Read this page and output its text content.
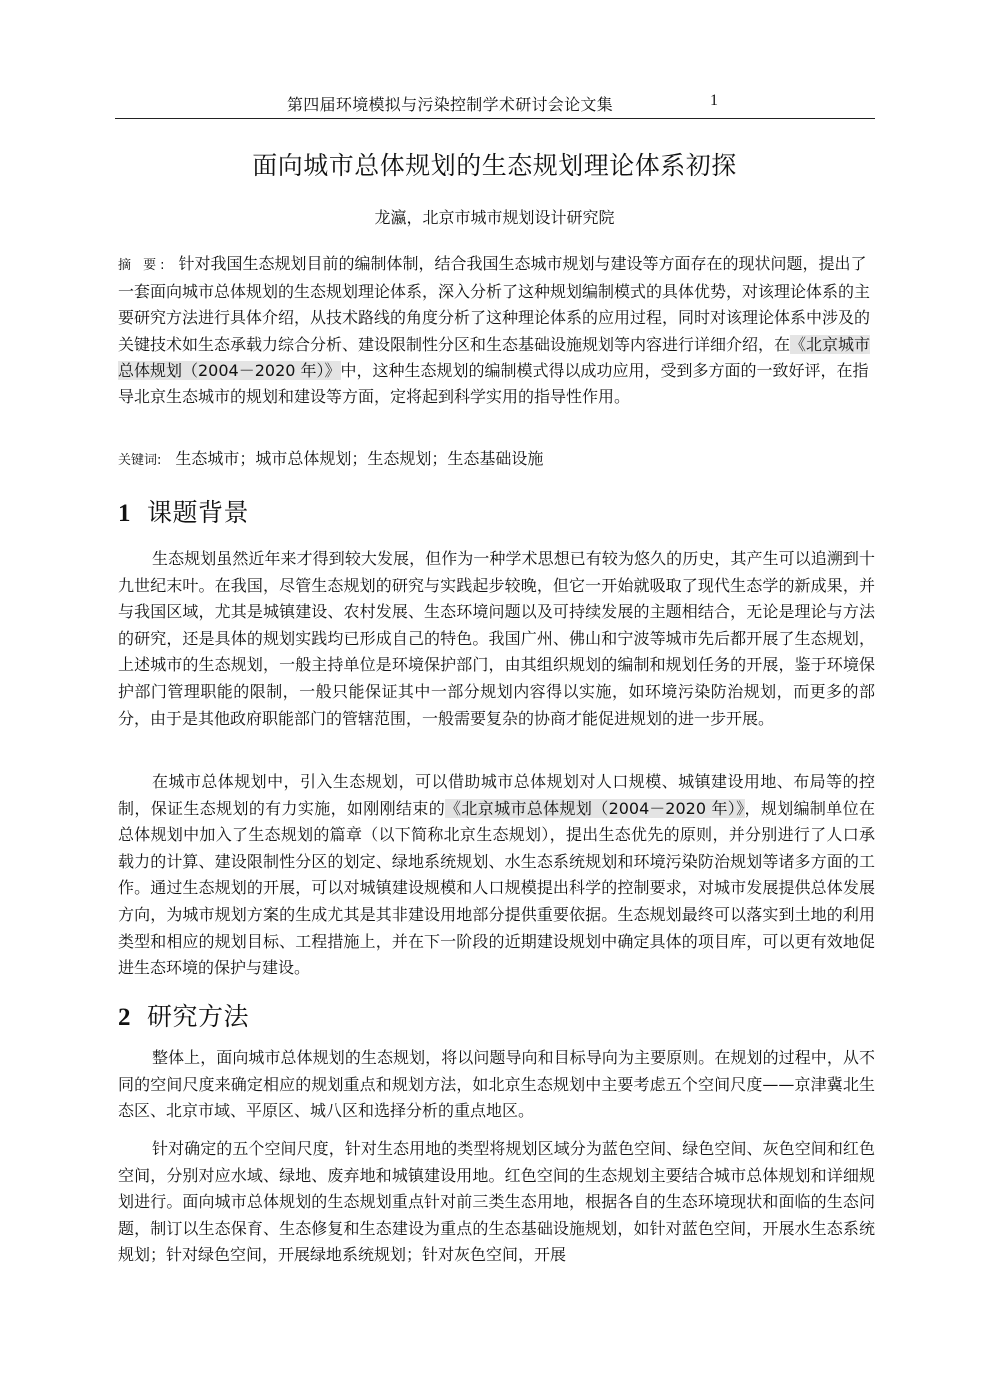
第四届环境模拟与污染控制学术研讨会论文集	1
面向城市总体规划的生态规划理论体系初探
龙瀛，北京市城市规划设计研究院
摘 要: 针对我国生态规划目前的编制体制，结合我国生态城市规划与建设等方面存在的现状问题，提出了一套面向城市总体规划的生态规划理论体系，深入分析了这种规划编制模式的具体优势，对该理论体系的主要研究方法进行具体介绍，从技术路线的角度分析了这种理论体系的应用过程，同时对该理论体系中涉及的关键技术如生态承载力综合分析、建设限制性分区和生态基础设施规划等内容进行详细介绍，在《北京城市总体规划（2004－2020 年）》中，这种生态规划的编制模式得以成功应用，受到多方面的一致好评，在指导北京生态城市的规划和建设等方面，定将起到科学实用的指导性作用。
关键词: 生态城市；城市总体规划；生态规划；生态基础设施
1 课题背景

生态规划虽然近年来才得到较大发展，但作为一种学术思想已有较为悠久的历史，其产生可以追溯到十九世纪末叶。在我国，尽管生态规划的研究与实践起步较晚，但它一开始就吸取了现代生态学的新成果，并与我国区域，尤其是城镇建设、农村发展、生态环境问题以及可持续发展的主题相结合，无论是理论与方法的研究，还是具体的规划实践均已形成自己的特色。我国广州、佛山和宁波等城市先后都开展了生态规划，上述城市的生态规划，一般主持单位是环境保护部门，由其组织规划的编制和规划任务的开展，鉴于环境保护部门管理职能的限制，一般只能保证其中一部分规划内容得以实施，如环境污染防治规划，而更多的部分，由于是其他政府职能部门的管辖范围，一般需要复杂的协商才能促进规划的进一步开展。

在城市总体规划中，引入生态规划，可以借助城市总体规划对人口规模、城镇建设用地、布局等的控制，保证生态规划的有力实施，如刚刚结束的《北京城市总体规划（2004－2020 年）》，规划编制单位在总体规划中加入了生态规划的篇章（以下简称北京生态规划），提出生态优先的原则，并分别进行了人口承载力的计算、建设限制性分区的划定、绿地系统规划、水生态系统规划和环境污染防治规划等诸多方面的工作。通过生态规划的开展，可以对城镇建设规模和人口规模提出科学的控制要求，对城市发展提供总体发展方向，为城市规划方案的生成尤其是其非建设用地部分提供重要依据。生态规划最终可以落实到土地的利用类型和相应的规划目标、工程措施上，并在下一阶段的近期建设规划中确定具体的项目库，可以更有效地促进生态环境的保护与建设。

2 研究方法

整体上，面向城市总体规划的生态规划，将以问题导向和目标导向为主要原则。在规划的过程中，从不同的空间尺度来确定相应的规划重点和规划方法，如北京生态规划中主要考虑五个空间尺度——京津冀北生态区、北京市域、平原区、城八区和选择分析的重点地区。

针对确定的五个空间尺度，针对生态用地的类型将规划区域分为蓝色空间、绿色空间、灰色空间和红色空间，分别对应水域、绿地、废弃地和城镇建设用地。红色空间的生态规划主要结合城市总体规划和详细规划进行。面向城市总体规划的生态规划重点针对前三类生态用地，根据各自的生态环境现状和面临的生态问题，制订以生态保育、生态修复和生态建设为重点的生态基础设施规划，如针对蓝色空间，开展水生态系统规划；针对绿色空间，开展绿地系统规划；针对灰色空间，开展
